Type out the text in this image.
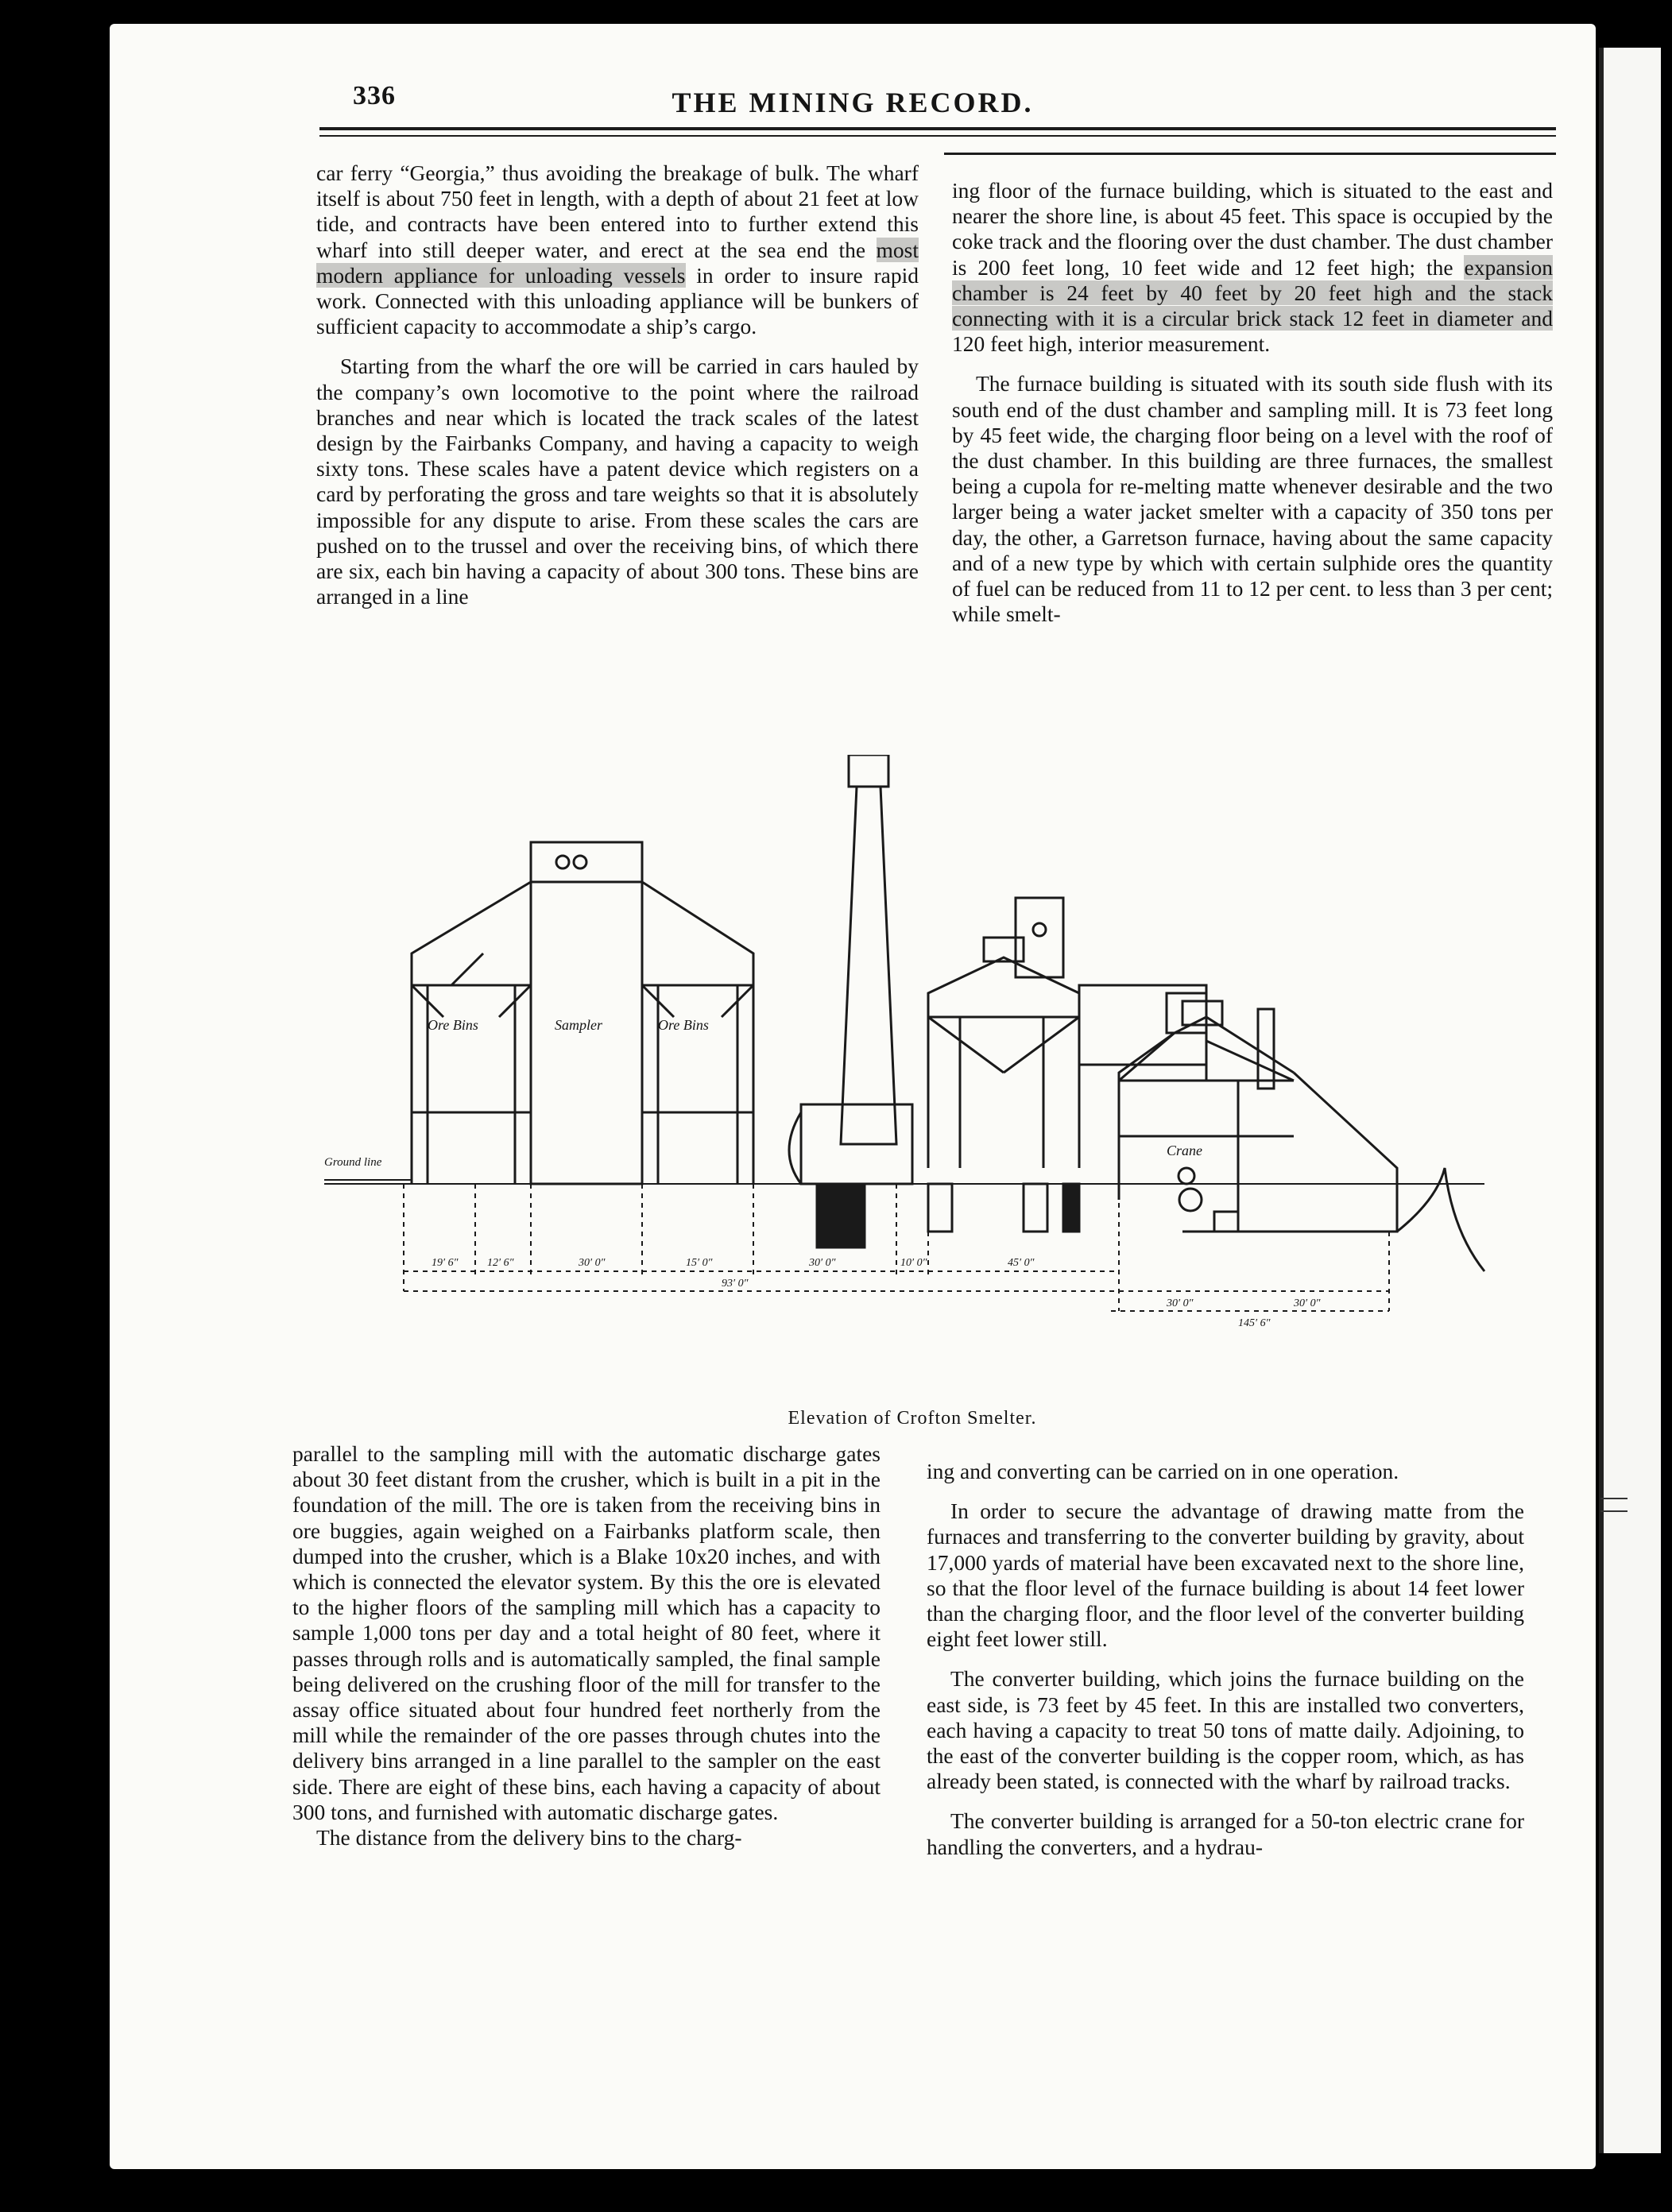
336	THE MINING RECORD.

car ferry “Georgia,” thus avoiding the breakage of bulk. The wharf itself is about 750 feet in length, with a depth of about 21 feet at low tide, and contracts have been entered into to further extend this wharf into still deeper water, and erect at the sea end the most modern appliance for unloading vessels in order to insure rapid work. Connected with this unloading appliance will be bunkers of sufficient capacity to accommodate a ship’s cargo.

Starting from the wharf the ore will be carried in cars hauled by the company’s own locomotive to the point where the railroad branches and near which is located the track scales of the latest design by the Fairbanks Company, and having a capacity to weigh sixty tons. These scales have a patent device which registers on a card by perforating the gross and tare weights so that it is absolutely impossible for any dispute to arise. From these scales the cars are pushed on to the trussel and over the receiving bins, of which there are six, each bin having a capacity of about 300 tons. These bins are arranged in a line

ing floor of the furnace building, which is situated to the east and nearer the shore line, is about 45 feet. This space is occupied by the coke track and the flooring over the dust chamber. The dust chamber is 200 feet long, 10 feet wide and 12 feet high; the expansion chamber is 24 feet by 40 feet by 20 feet high and the stack connecting with it is a circular brick stack 12 feet in diameter and 120 feet high, interior measurement.

The furnace building is situated with its south side flush with its south end of the dust chamber and sampling mill. It is 73 feet long by 45 feet wide, the charging floor being on a level with the roof of the dust chamber. In this building are three furnaces, the smallest being a cupola for re-melting matte whenever desirable and the two larger being a water jacket smelter with a capacity of 350 tons per day, the other, a Garretson furnace, having about the same capacity and of a new type by which with certain sulphide ores the quantity of fuel can be reduced from 11 to 12 per cent. to less than 3 per cent; while smelt-

Ore Bins	Sampler	Ore Bins
Ground line
Crane
19′ 6″	12′ 6″	30′ 0″	15′ 0″	30′ 0″	10′ 0″	45′ 0″
30′ 0″	30′ 0″
93′ 0″
145′ 6″
Elevation of Crofton Smelter.

parallel to the sampling mill with the automatic discharge gates about 30 feet distant from the crusher, which is built in a pit in the foundation of the mill. The ore is taken from the receiving bins in ore buggies, again weighed on a Fairbanks platform scale, then dumped into the crusher, which is a Blake 10x20 inches, and with which is connected the elevator system. By this the ore is elevated to the higher floors of the sampling mill which has a capacity to sample 1,000 tons per day and a total height of 80 feet, where it passes through rolls and is automatically sampled, the final sample being delivered on the crushing floor of the mill for transfer to the assay office situated about four hundred feet northerly from the mill while the remainder of the ore passes through chutes into the delivery bins arranged in a line parallel to the sampler on the east side. There are eight of these bins, each having a capacity of about 300 tons, and furnished with automatic discharge gates.

The distance from the delivery bins to the charg-

ing and converting can be carried on in one operation.

In order to secure the advantage of drawing matte from the furnaces and transferring to the converter building by gravity, about 17,000 yards of material have been excavated next to the shore line, so that the floor level of the furnace building is about 14 feet lower than the charging floor, and the floor level of the converter building eight feet lower still.

The converter building, which joins the furnace building on the east side, is 73 feet by 45 feet. In this are installed two converters, each having a capacity to treat 50 tons of matte daily. Adjoining, to the east of the converter building is the copper room, which, as has already been stated, is connected with the wharf by railroad tracks.

The converter building is arranged for a 50-ton electric crane for handling the converters, and a hydrau-
